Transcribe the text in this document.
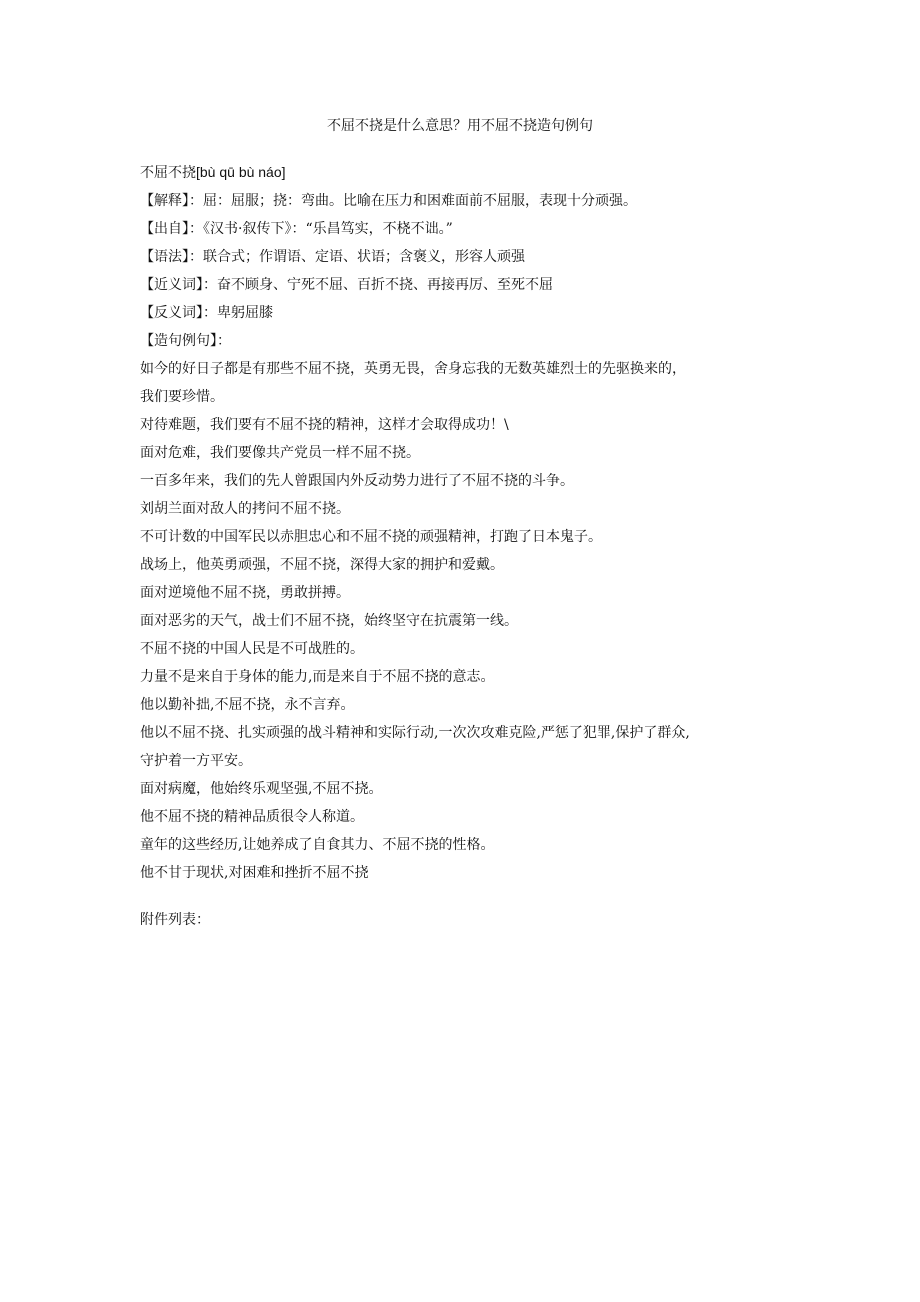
不屈不挠是什么意思？用不屈不挠造句例句

不屈不挠[bù qū bù náo]

【解释】：屈：屈服；挠：弯曲。比喻在压力和困难面前不屈服，表现十分顽强。

【出自】：《汉书·叙传下》：“乐昌笃实，不桡不诎。”

【语法】：联合式；作谓语、定语、状语；含褒义，形容人顽强

【近义词】：奋不顾身、宁死不屈、百折不挠、再接再厉、至死不屈

【反义词】：卑躬屈膝

【造句例句】：

如今的好日子都是有那些不屈不挠，英勇无畏，舍身忘我的无数英雄烈士的先驱换来的，

我们要珍惜。

对待难题，我们要有不屈不挠的精神，这样才会取得成功！\

面对危难，我们要像共产党员一样不屈不挠。

一百多年来，我们的先人曾跟国内外反动势力进行了不屈不挠的斗争。

刘胡兰面对敌人的拷问不屈不挠。

不可计数的中国军民以赤胆忠心和不屈不挠的顽强精神，打跑了日本鬼子。

战场上，他英勇顽强，不屈不挠，深得大家的拥护和爱戴。

面对逆境他不屈不挠，勇敢拼搏。

面对恶劣的天气，战士们不屈不挠，始终坚守在抗震第一线。

不屈不挠的中国人民是不可战胜的。

力量不是来自于身体的能力,而是来自于不屈不挠的意志。

他以勤补拙,不屈不挠，永不言弃。

他以不屈不挠、扎实顽强的战斗精神和实际行动,一次次攻难克险,严惩了犯罪,保护了群众,

守护着一方平安。

面对病魔，他始终乐观坚强,不屈不挠。

他不屈不挠的精神品质很令人称道。

童年的这些经历,让她养成了自食其力、不屈不挠的性格。

他不甘于现状,对困难和挫折不屈不挠

附件列表：
